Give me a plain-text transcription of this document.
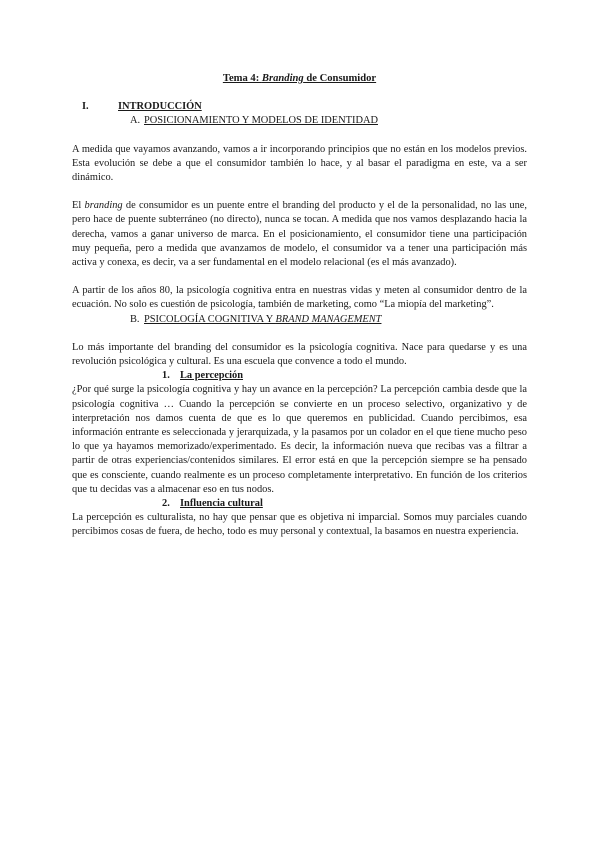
Tema 4: Branding de Consumidor
I.	INTRODUCCIÓN
A. POSICIONAMIENTO Y MODELOS DE IDENTIDAD

A medida que vayamos avanzando, vamos a ir incorporando principios que no están en los modelos previos. Esta evolución se debe a que el consumidor también lo hace, y al basar el paradigma en este, va a ser dinámico.

El branding de consumidor es un puente entre el branding del producto y el de la personalidad, no las une, pero hace de puente subterráneo (no directo), nunca se tocan. A medida que nos vamos desplazando hacia la derecha, vamos a ganar universo de marca. En el posicionamiento, el consumidor tiene una participación muy pequeña, pero a medida que avanzamos de modelo, el consumidor va a tener una participación más activa y conexa, es decir, va a ser fundamental en el modelo relacional (es el más avanzado).

A partir de los años 80, la psicología cognitiva entra en nuestras vidas y meten al consumidor dentro de la ecuación. No solo es cuestión de psicología, también de marketing, como “La miopía del marketing”.

B. PSICOLOGÍA COGNITIVA Y BRAND MANAGEMENT

Lo más importante del branding del consumidor es la psicología cognitiva. Nace para quedarse y es una revolución psicológica y cultural. Es una escuela que convence a todo el mundo.

1. La percepción

¿Por qué surge la psicología cognitiva y hay un avance en la percepción? La percepción cambia desde que la psicología cognitiva … Cuando la percepción se convierte en un proceso selectivo, organizativo y de interpretación nos damos cuenta de que es lo que queremos en publicidad. Cuando percibimos, esa información entrante es seleccionada y jerarquizada, y la pasamos por un colador en el que tiene mucho peso lo que ya hayamos memorizado/experimentado. Es decir, la información nueva que recibas vas a filtrar a partir de otras experiencias/contenidos similares. El error está en que la percepción siempre se ha pensado que es consciente, cuando realmente es un proceso completamente interpretativo. En función de los criterios que tu decidas vas a almacenar eso en tus nodos.

2. Influencia cultural

La percepción es culturalista, no hay que pensar que es objetiva ni imparcial. Somos muy parciales cuando percibimos cosas de fuera, de hecho, todo es muy personal y contextual, la basamos en nuestra experiencia.
